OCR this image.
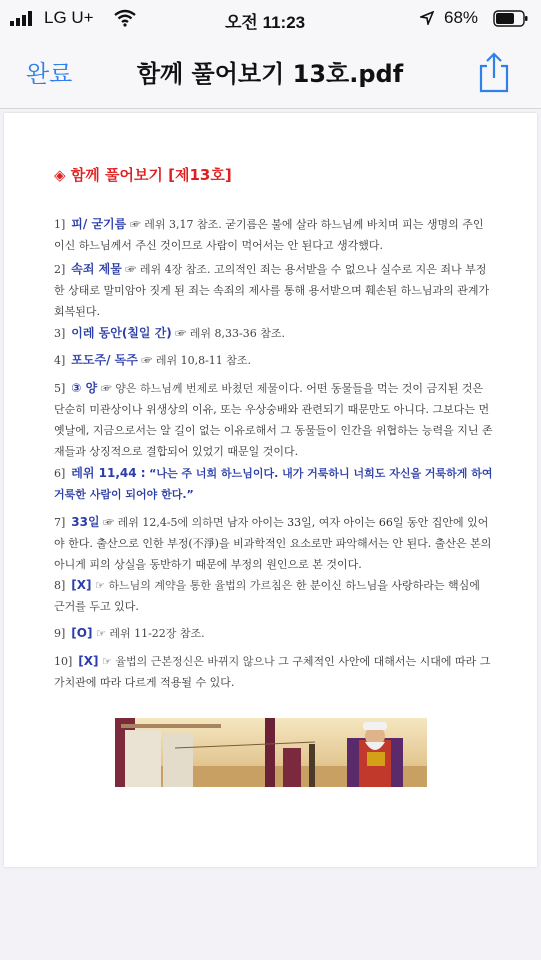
LG U+	오전 11:23	68%
완료	함께 풀어보기 13호.pdf
◈ 함께 풀어보기 [제13호]
1] 피/ 굳기름 ☞ 레위 3,17 참조. 굳기름은 불에 살라 하느님께 바치며 피는 생명의 주인이신 하느님께서 주신 것이므로 사람이 먹어서는 안 된다고 생각했다.
2] 속죄 제물 ☞ 레위 4장 참조. 고의적인 죄는 용서받을 수 없으나 실수로 지은 죄나 부정한 상태로 말미암아 짓게 된 죄는 속죄의 제사를 통해 용서받으며 훼손된 하느님과의 관계가 회복된다.
3] 이레 동안(칠일 간) ☞ 레위 8,33-36 참조.
4] 포도주/ 독주 ☞ 레위 10,8-11 참조.
5] ③ 양 ☞ 양은 하느님께 번제로 바쳤던 제물이다. 어떤 동물들을 먹는 것이 금지된 것은 단순히 미관상이나 위생상의 이유, 또는 우상숭배와 관련되기 때문만도 아니다. 그보다는 먼 옛날에, 지금으로서는 알 길이 없는 이유로해서 그 동물들이 인간을 위협하는 능력을 지닌 존재들과 상징적으로 결합되어 있었기 때문일 것이다.
6] 레위 11,44 : “나는 주 너희 하느님이다. 내가 거룩하니 너희도 자신을 거룩하게 하여 거룩한 사람이 되어야 한다.”
7] 33일 ☞ 레위 12,4-5에 의하면 남자 아이는 33일, 여자 아이는 66일 동안 집안에 있어야 한다. 출산으로 인한 부정(不淨)을 비과학적인 요소로만 파악해서는 안 된다. 출산은 본의 아니게 피의 상실을 동반하기 때문에 부정의 원인으로 본 것이다.
8] [X] ☞ 하느님의 계약을 통한 율법의 가르침은 한 분이신 하느님을 사랑하라는 핵심에 근거를 두고 있다.
9] [O] ☞ 레위 11-22장 참조.
10] [X] ☞ 율법의 근본정신은 바뀌지 않으나 그 구체적인 사안에 대해서는 시대에 따라 그 가치관에 따라 다르게 적용될 수 있다.
